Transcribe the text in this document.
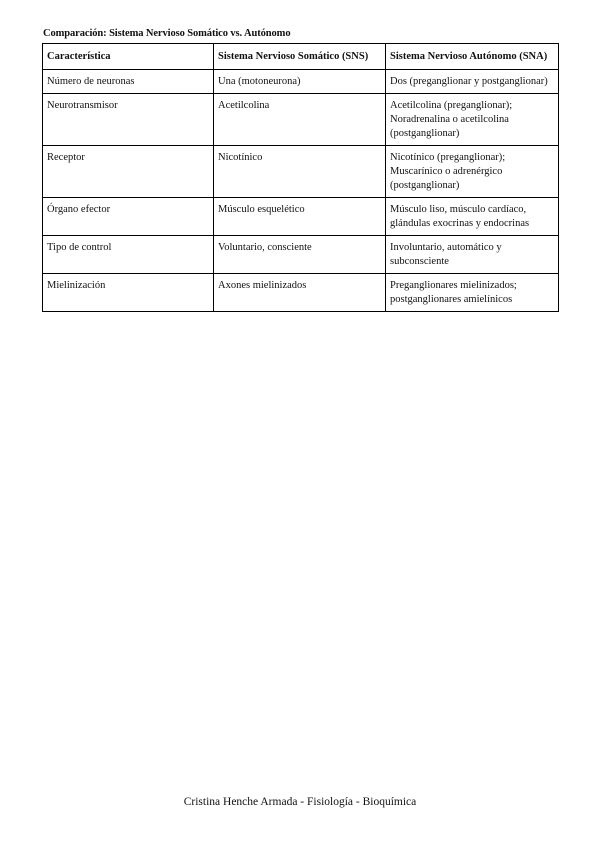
Comparación: Sistema Nervioso Somático vs. Autónomo
Característica	Sistema Nervioso Somático (SNS)	Sistema Nervioso Autónomo (SNA)
Número de neuronas	Una (motoneurona)	Dos (preganglionar y postganglionar)
Neurotransmisor	Acetilcolina	Acetilcolina (preganglionar); Noradrenalina o acetilcolina (postganglionar)
Receptor	Nicotínico	Nicotínico (preganglionar); Muscarínico o adrenérgico (postganglionar)
Órgano efector	Músculo esquelético	Músculo liso, músculo cardíaco, glándulas exocrinas y endocrinas
Tipo de control	Voluntario, consciente	Involuntario, automático y subconsciente
Mielinización	Axones mielinizados	Preganglionares mielinizados; postganglionares amielínicos
Cristina Henche Armada - Fisiología - Bioquímica
